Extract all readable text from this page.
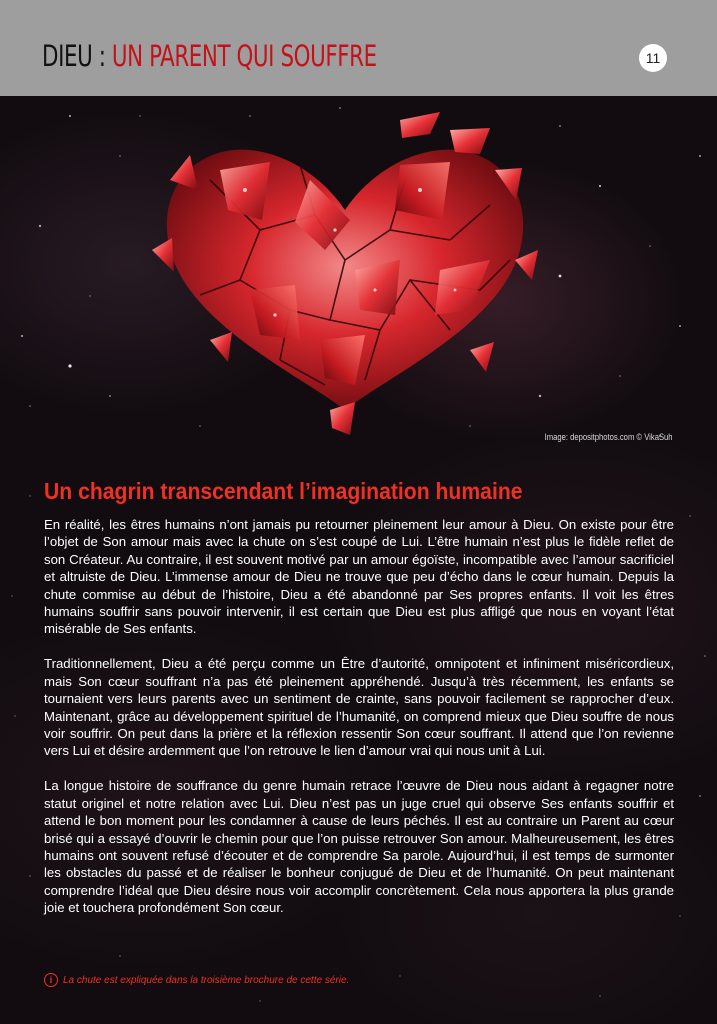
DIEU : UN PARENT QUI SOUFFRE	11
Image: depositphotos.com © VikaSuh
Un chagrin transcendant l’imagination humaine

En réalité, les êtres humains n’ont jamais pu retourner pleinement leur amour à Dieu. On existe pour être l’objet de Son amour mais avec la chute on s’est coupé de Lui. L’être humain n’est plus le fidèle reflet de son Créateur. Au contraire, il est souvent motivé par un amour égoïste, incompatible avec l’amour sacrificiel et altruiste de Dieu. L’immense amour de Dieu ne trouve que peu d’écho dans le cœur humain. Depuis la chute commise au début de l’histoire, Dieu a été abandonné par Ses propres enfants. Il voit les êtres humains souffrir sans pouvoir intervenir, il est certain que Dieu est plus affligé que nous en voyant l’état misérable de Ses enfants.

Traditionnellement, Dieu a été perçu comme un Être d’autorité, omnipotent et infiniment miséricordieux, mais Son cœur souffrant n’a pas été pleinement appréhendé. Jusqu’à très récemment, les enfants se tournaient vers leurs parents avec un sentiment de crainte, sans pouvoir facilement se rapprocher d’eux. Maintenant, grâce au développement spirituel de l’humanité, on comprend mieux que Dieu souffre de nous voir souffrir. On peut dans la prière et la réflexion ressentir Son cœur souffrant. Il attend que l’on revienne vers Lui et désire ardemment que l’on retrouve le lien d’amour vrai qui nous unit à Lui.

La longue histoire de souffrance du genre humain retrace l’œuvre de Dieu nous aidant à regagner notre statut originel et notre relation avec Lui. Dieu n’est pas un juge cruel qui observe Ses enfants souffrir et attend le bon moment pour les condamner à cause de leurs péchés. Il est au contraire un Parent au cœur brisé qui a essayé d’ouvrir le chemin pour que l’on puisse retrouver Son amour. Malheureusement, les êtres humains ont souvent refusé d’écouter et de comprendre Sa parole. Aujourd’hui, il est temps de surmonter les obstacles du passé et de réaliser le bonheur conjugué de Dieu et de l’humanité. On peut maintenant comprendre l’idéal que Dieu désire nous voir accomplir concrètement. Cela nous apportera la plus grande joie et touchera profondément Son cœur.

i	La chute est expliquée dans la troisième brochure de cette série.
